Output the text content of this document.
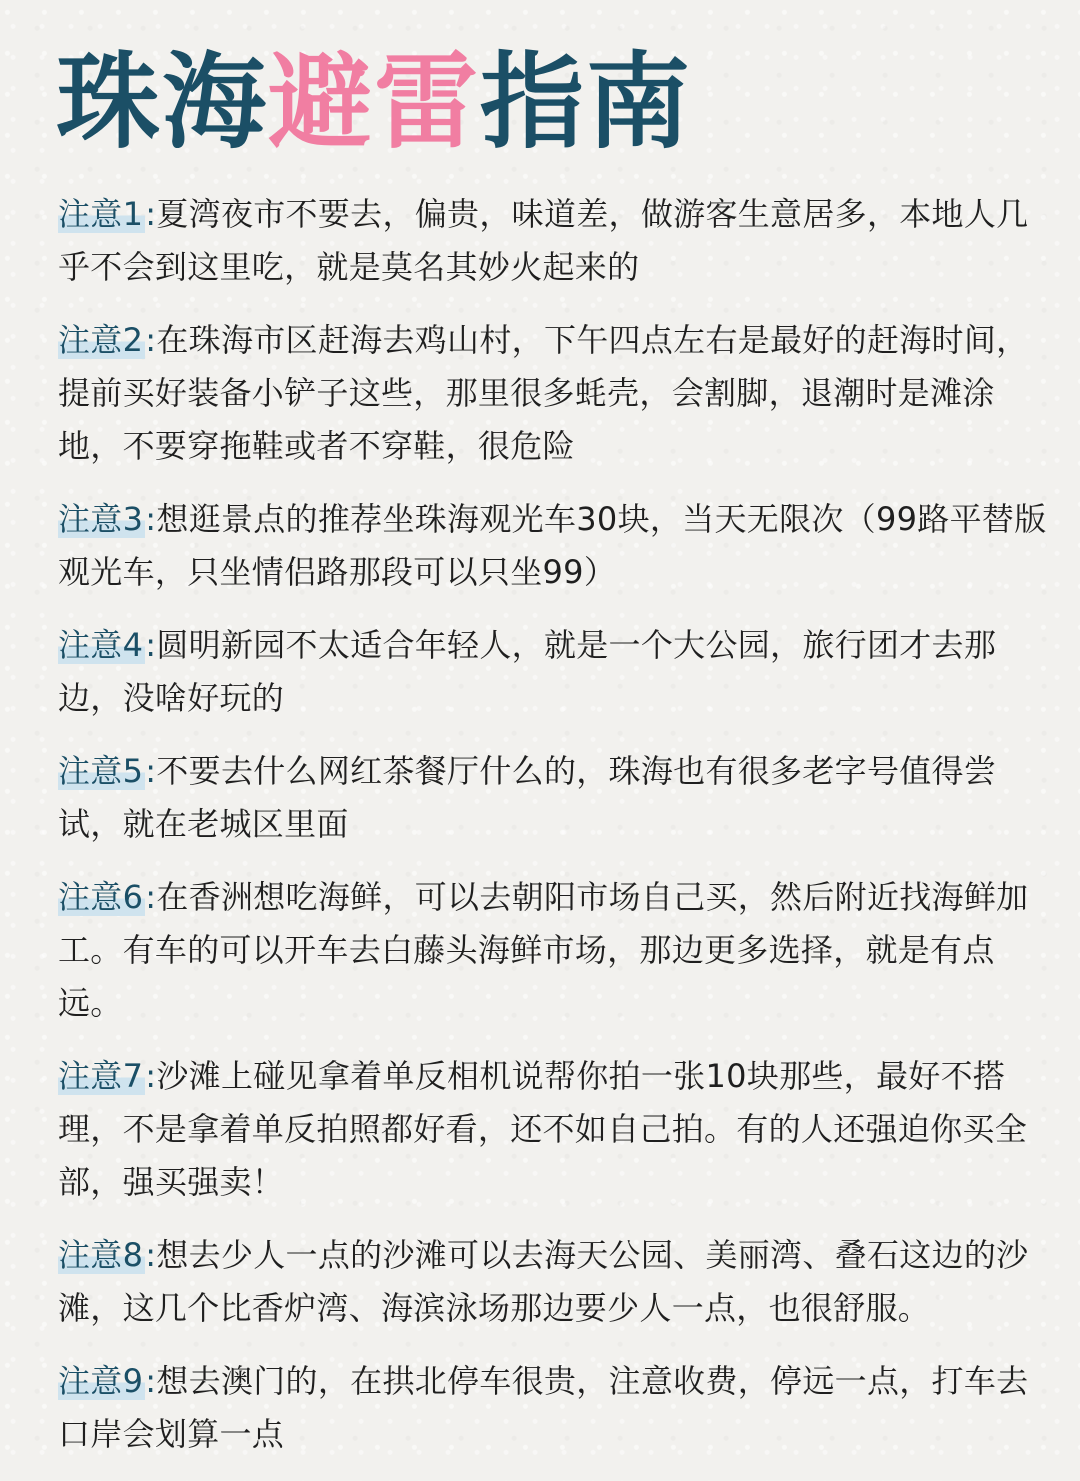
珠海避雷指南

注意1:夏湾夜市不要去，偏贵，味道差，做游客生意居多，本地人几乎不会到这里吃，就是莫名其妙火起来的

注意2:在珠海市区赶海去鸡山村，下午四点左右是最好的赶海时间，提前买好装备小铲子这些，那里很多蚝壳，会割脚，退潮时是滩涂地，不要穿拖鞋或者不穿鞋，很危险

注意3:想逛景点的推荐坐珠海观光车30块，当天无限次（99路平替版观光车，只坐情侣路那段可以只坐99）

注意4:圆明新园不太适合年轻人，就是一个大公园，旅行团才去那边，没啥好玩的

注意5:不要去什么网红茶餐厅什么的，珠海也有很多老字号值得尝试，就在老城区里面

注意6:在香洲想吃海鲜，可以去朝阳市场自己买，然后附近找海鲜加工。有车的可以开车去白藤头海鲜市场，那边更多选择，就是有点远。

注意7:沙滩上碰见拿着单反相机说帮你拍一张10块那些，最好不搭理，不是拿着单反拍照都好看，还不如自己拍。有的人还强迫你买全部，强买强卖！

注意8:想去少人一点的沙滩可以去海天公园、美丽湾、叠石这边的沙滩，这几个比香炉湾、海滨泳场那边要少人一点，也很舒服。

注意9:想去澳门的，在拱北停车很贵，注意收费，停远一点，打车去口岸会划算一点
